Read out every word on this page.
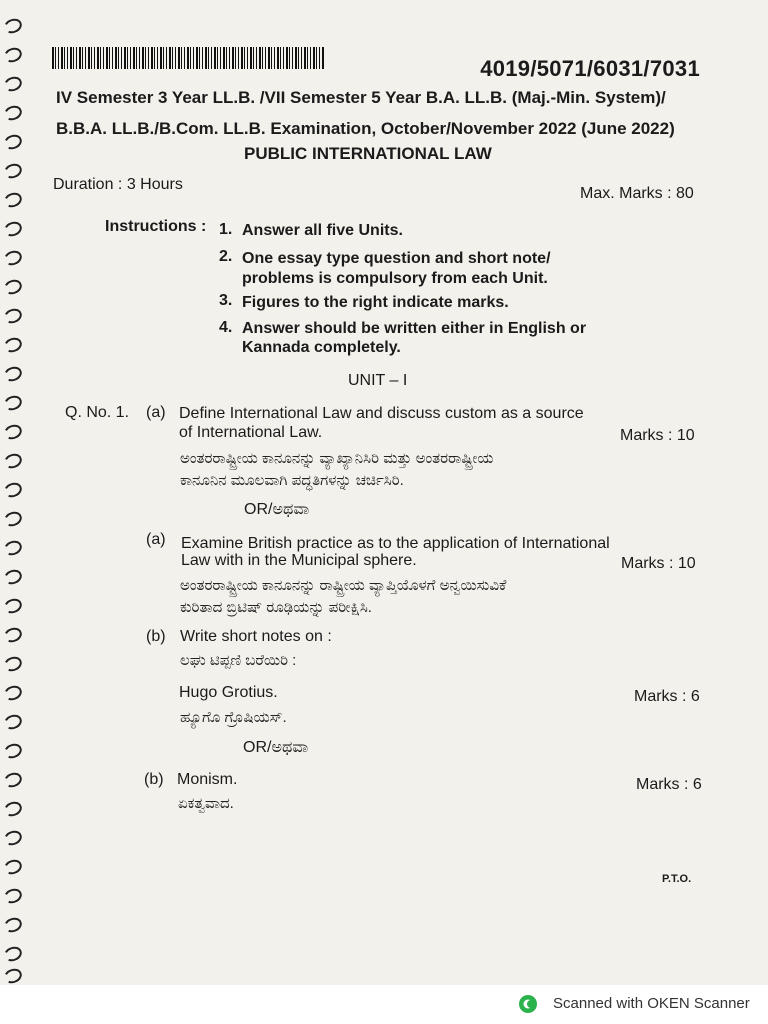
4019/5071/6031/7031
IV Semester 3 Year LL.B. /VII Semester 5 Year B.A. LL.B. (Maj.-Min. System)/
B.B.A. LL.B./B.Com. LL.B. Examination, October/November 2022 (June 2022)
PUBLIC INTERNATIONAL LAW
Duration : 3 Hours
Max. Marks : 80
Instructions : 1. Answer all five Units.
2. One essay type question and short note/
problems is compulsory from each Unit.
3. Figures to the right indicate marks.
4. Answer should be written either in English or
Kannada completely.
UNIT – I
Q. No. 1. (a) Define International Law and discuss custom as a source
of International Law.	Marks : 10
ಅಂತರರಾಷ್ಟ್ರೀಯ ಕಾನೂನನ್ನು ವ್ಯಾಖ್ಯಾನಿಸಿರಿ ಮತ್ತು ಅಂತರರಾಷ್ಟ್ರೀಯ
ಕಾನೂನಿನ ಮೂಲವಾಗಿ ಪದ್ಧತಿಗಳನ್ನು ಚರ್ಚಿಸಿರಿ.
OR/ಅಥವಾ
(a) Examine British practice as to the application of International
Law with in the Municipal sphere.	Marks : 10
ಅಂತರರಾಷ್ಟ್ರೀಯ ಕಾನೂನನ್ನು ರಾಷ್ಟ್ರೀಯ ವ್ಯಾಪ್ತಿಯೊಳಗೆ ಅನ್ವಯಿಸುವಿಕೆ
ಕುರಿತಾದ ಬ್ರಿಟಿಷ್ ರೂಢಿಯನ್ನು ಪರೀಕ್ಷಿಸಿ.
(b) Write short notes on :
ಲಘು ಟಿಪ್ಪಣಿ ಬರೆಯಿರಿ :
Hugo Grotius.	Marks : 6
ಹ್ಯೂಗೊ ಗ್ರೊಷಿಯಸ್.
OR/ಅಥವಾ
(b) Monism.	Marks : 6
ಏಕತ್ವವಾದ.
P.T.O.
Scanned with OKEN Scanner
